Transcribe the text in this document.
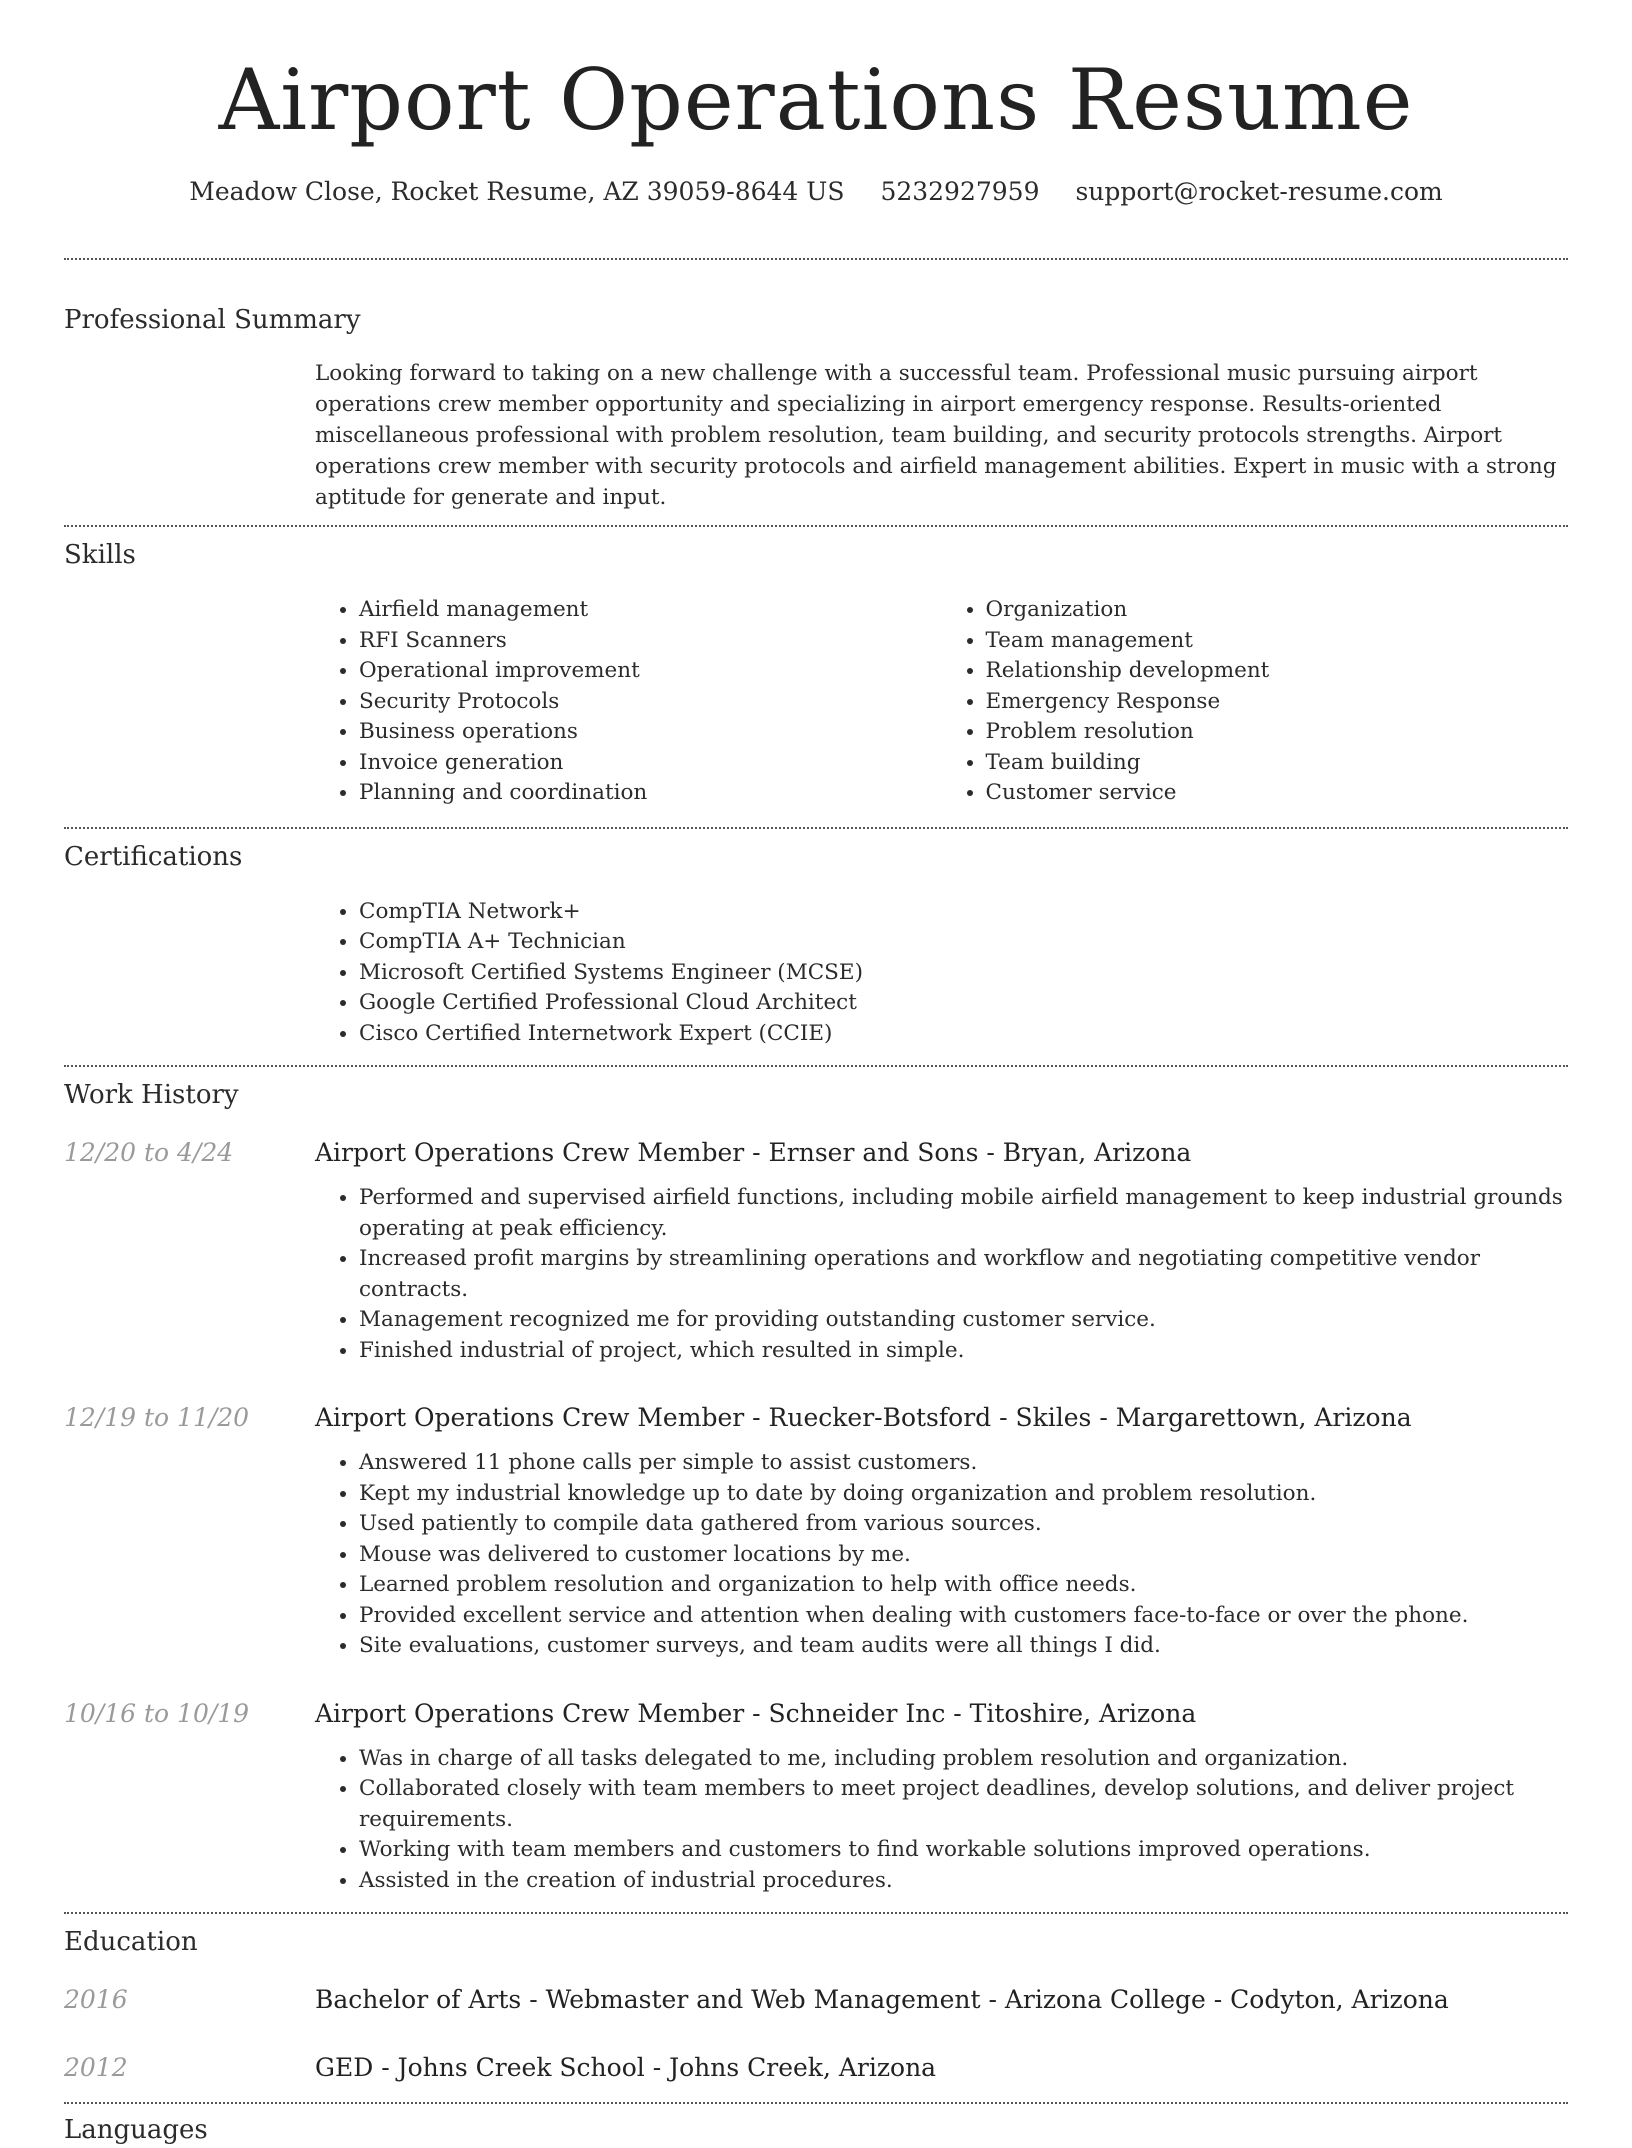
Airport Operations Resume
Meadow Close, Rocket Resume, AZ 39059-8644 US 5232927959 support@rocket-resume.com
Professional Summary

Looking forward to taking on a new challenge with a successful team. Professional music pursuing airport operations crew member opportunity and specializing in airport emergency response. Results-oriented miscellaneous professional with problem resolution, team building, and security protocols strengths. Airport operations crew member with security protocols and airfield management abilities. Expert in music with a strong aptitude for generate and input.

Skills
• Airfield management
• RFI Scanners
• Operational improvement
• Security Protocols
• Business operations
• Invoice generation
• Planning and coordination
• Organization
• Team management
• Relationship development
• Emergency Response
• Problem resolution
• Team building
• Customer service
Certifications
• CompTIA Network+
• CompTIA A+ Technician
• Microsoft Certified Systems Engineer (MCSE)
• Google Certified Professional Cloud Architect
• Cisco Certified Internetwork Expert (CCIE)
Work History
12/20 to 4/24	Airport Operations Crew Member - Ernser and Sons - Bryan, Arizona
• Performed and supervised airfield functions, including mobile airfield management to keep industrial grounds operating at peak efficiency.
• Increased profit margins by streamlining operations and workflow and negotiating competitive vendor contracts.
• Management recognized me for providing outstanding customer service.
• Finished industrial of project, which resulted in simple.
12/19 to 11/20	Airport Operations Crew Member - Ruecker-Botsford - Skiles - Margarettown, Arizona
• Answered 11 phone calls per simple to assist customers.
• Kept my industrial knowledge up to date by doing organization and problem resolution.
• Used patiently to compile data gathered from various sources.
• Mouse was delivered to customer locations by me.
• Learned problem resolution and organization to help with office needs.
• Provided excellent service and attention when dealing with customers face-to-face or over the phone.
• Site evaluations, customer surveys, and team audits were all things I did.
10/16 to 10/19	Airport Operations Crew Member - Schneider Inc - Titoshire, Arizona
• Was in charge of all tasks delegated to me, including problem resolution and organization.
• Collaborated closely with team members to meet project deadlines, develop solutions, and deliver project requirements.
• Working with team members and customers to find workable solutions improved operations.
• Assisted in the creation of industrial procedures.
Education
2016	Bachelor of Arts - Webmaster and Web Management - Arizona College - Codyton, Arizona
2012	GED - Johns Creek School - Johns Creek, Arizona
Languages
